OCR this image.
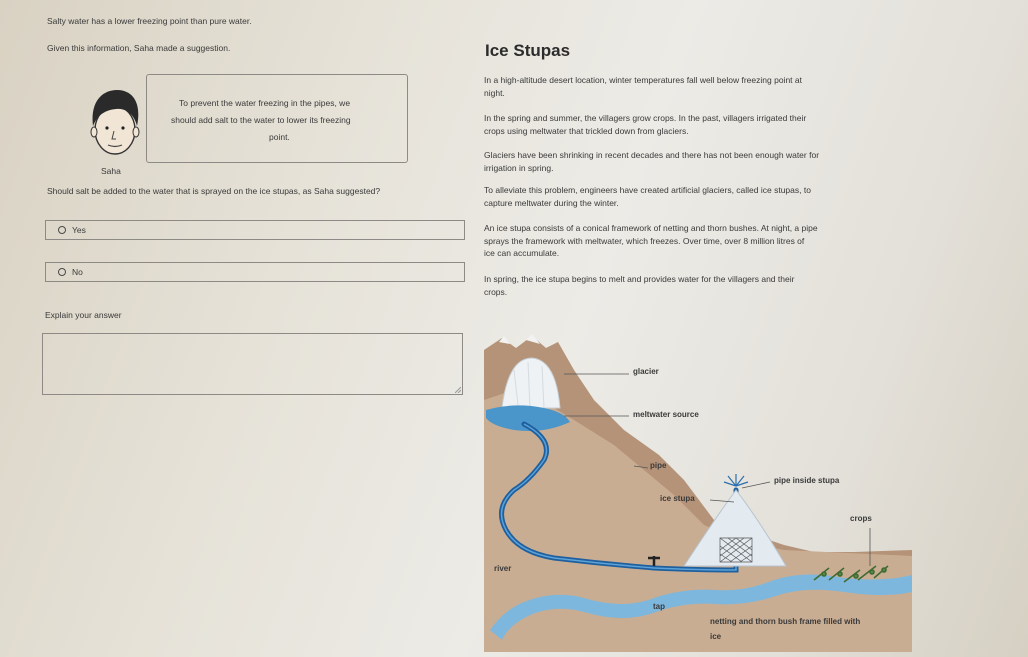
Salty water has a lower freezing point than pure water.
Given this information, Saha made a suggestion.
To prevent the water freezing in the pipes, we
should add salt to the water to lower its freezing
point.
Saha
Should salt be added to the water that is sprayed on the ice stupas, as Saha suggested?
Yes
No
Explain your answer
Ice Stupas
In a high-altitude desert location, winter temperatures fall well below freezing point at
night.
In the spring and summer, the villagers grow crops. In the past, villagers irrigated their
crops using meltwater that trickled down from glaciers.
Glaciers have been shrinking in recent decades and there has not been enough water for
irrigation in spring.
To alleviate this problem, engineers have created artificial glaciers, called ice stupas, to
capture meltwater during the winter.
An ice stupa consists of a conical framework of netting and thorn bushes. At night, a pipe
sprays the framework with meltwater, which freezes. Over time, over 8 million litres of
ice can accumulate.
In spring, the ice stupa begins to melt and provides water for the villagers and their
crops.
glacier
meltwater source
pipe
pipe inside stupa
ice stupa
crops
river
tap
netting and thorn bush frame filled with
ice
